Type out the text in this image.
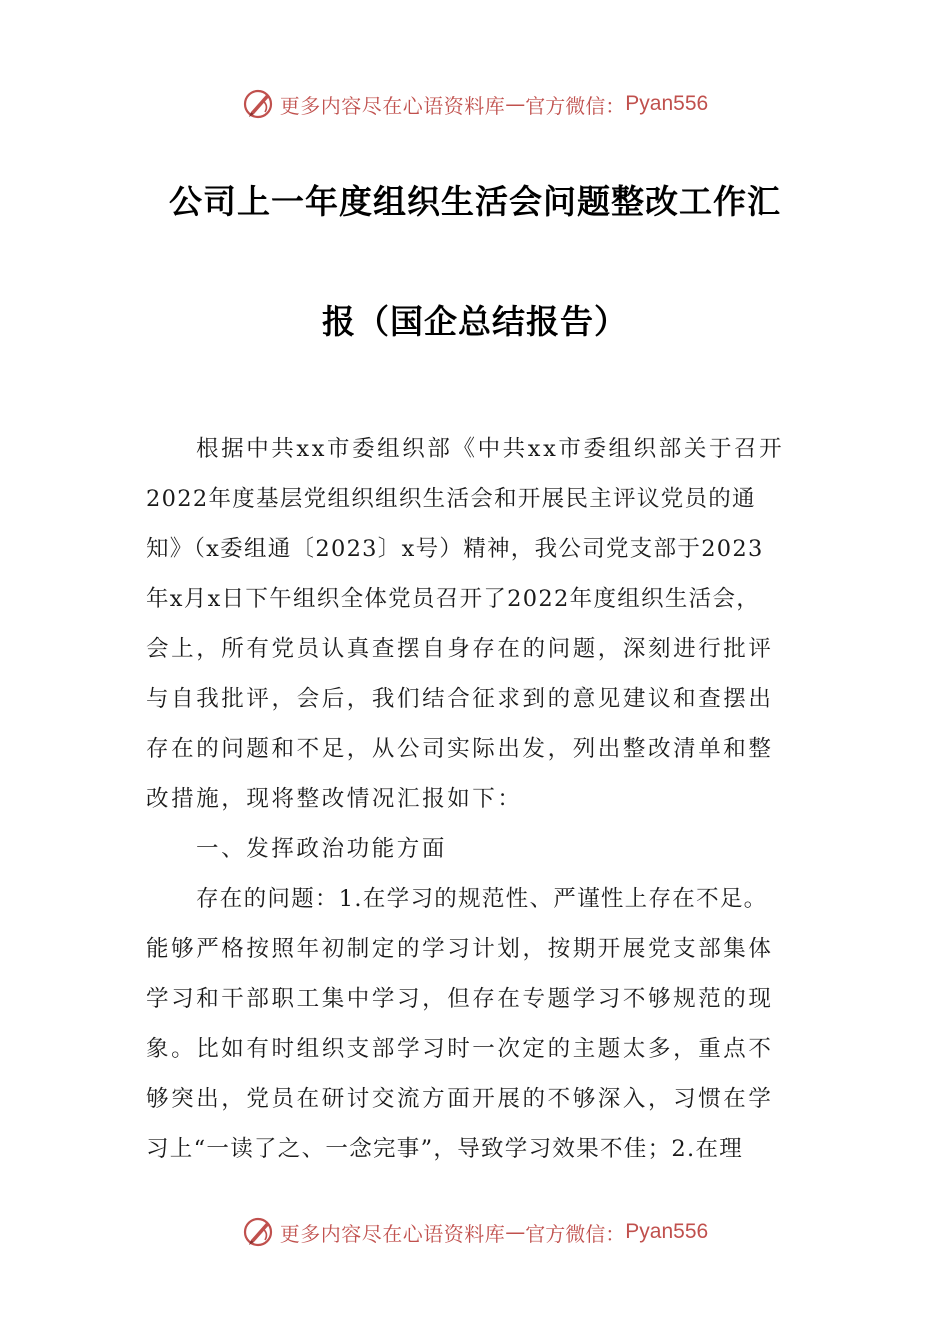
更多内容尽在心语资料库 — 官方微信： Pyan556
公司上一年度组织生活会问题整改工作汇
报（国企总结报告）
根据中共xx市委组织部《中共xx市委组织部关于召开
2022年度基层党组织组织生活会和开展民主评议党员的通
知》（x委组通〔2023〕x号）精神，我公司党支部于2023
年x月x日下午组织全体党员召开了2022年度组织生活会，
会上，所有党员认真查摆自身存在的问题，深刻进行批评
与自我批评，会后，我们结合征求到的意见建议和查摆出
存在的问题和不足，从公司实际出发，列出整改清单和整
改措施，现将整改情况汇报如下：
一、发挥政治功能方面
存在的问题：1.在学习的规范性、严谨性上存在不足。
能够严格按照年初制定的学习计划，按期开展党支部集体
学习和干部职工集中学习，但存在专题学习不够规范的现
象。比如有时组织支部学习时一次定的主题太多，重点不
够突出，党员在研讨交流方面开展的不够深入，习惯在学
习上“一读了之、一念完事”，导致学习效果不佳；2.在理
更多内容尽在心语资料库 — 官方微信： Pyan556
